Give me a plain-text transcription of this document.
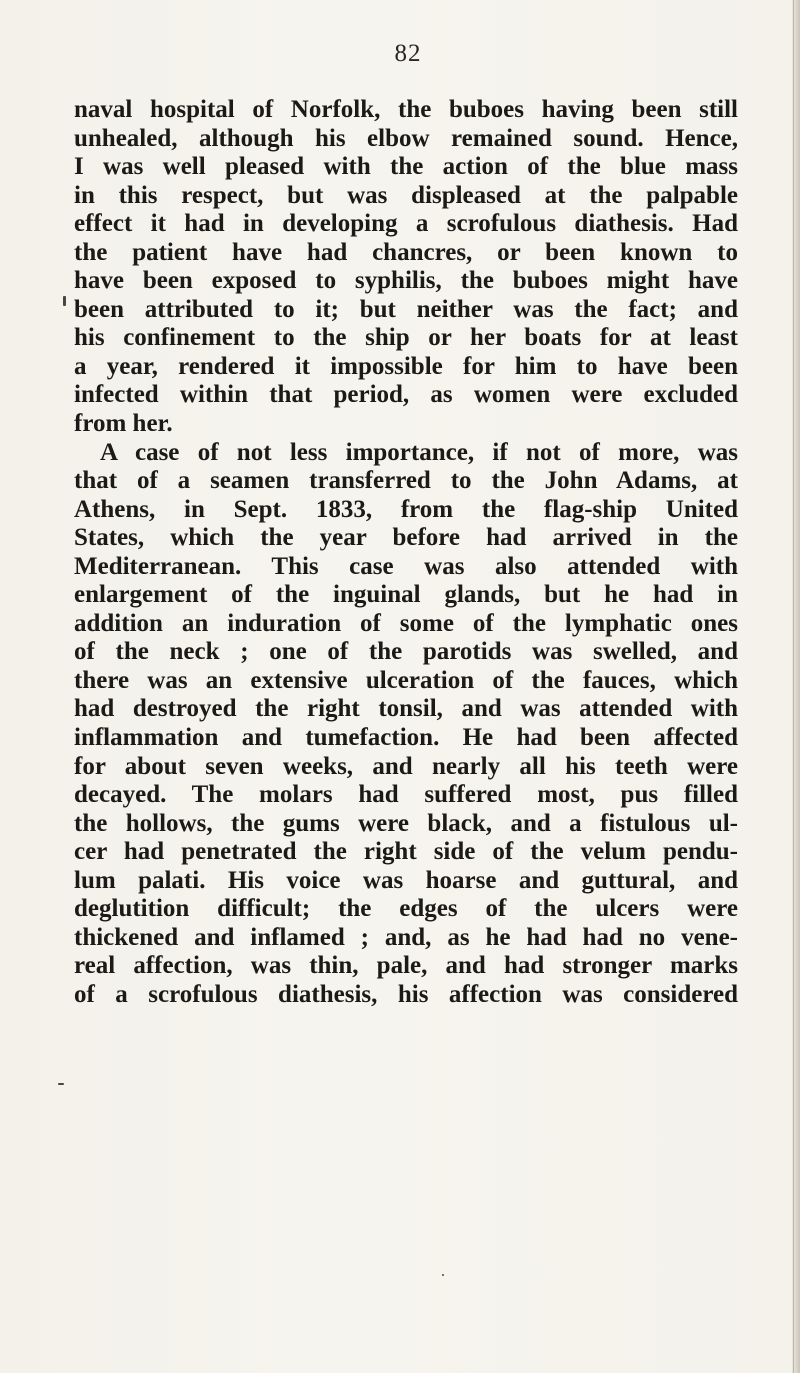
82
naval hospital of Norfolk, the buboes having been still
unhealed, although his elbow remained sound. Hence,
I was well pleased with the action of the blue mass
in this respect, but was displeased at the palpable
effect it had in developing a scrofulous diathesis. Had
the patient have had chancres, or been known to
have been exposed to syphilis, the buboes might have
been attributed to it; but neither was the fact; and
his confinement to the ship or her boats for at least
a year, rendered it impossible for him to have been
infected within that period, as women were excluded
from her.
A case of not less importance, if not of more, was
that of a seamen transferred to the John Adams, at
Athens, in Sept. 1833, from the flag-ship United
States, which the year before had arrived in the
Mediterranean. This case was also attended with
enlargement of the inguinal glands, but he had in
addition an induration of some of the lymphatic ones
of the neck ; one of the parotids was swelled, and
there was an extensive ulceration of the fauces, which
had destroyed the right tonsil, and was attended with
inflammation and tumefaction. He had been affected
for about seven weeks, and nearly all his teeth were
decayed. The molars had suffered most, pus filled
the hollows, the gums were black, and a fistulous ul-
cer had penetrated the right side of the velum pendu-
lum palati. His voice was hoarse and guttural, and
deglutition difficult; the edges of the ulcers were
thickened and inflamed ; and, as he had had no vene-
real affection, was thin, pale, and had stronger marks
of a scrofulous diathesis, his affection was considered
